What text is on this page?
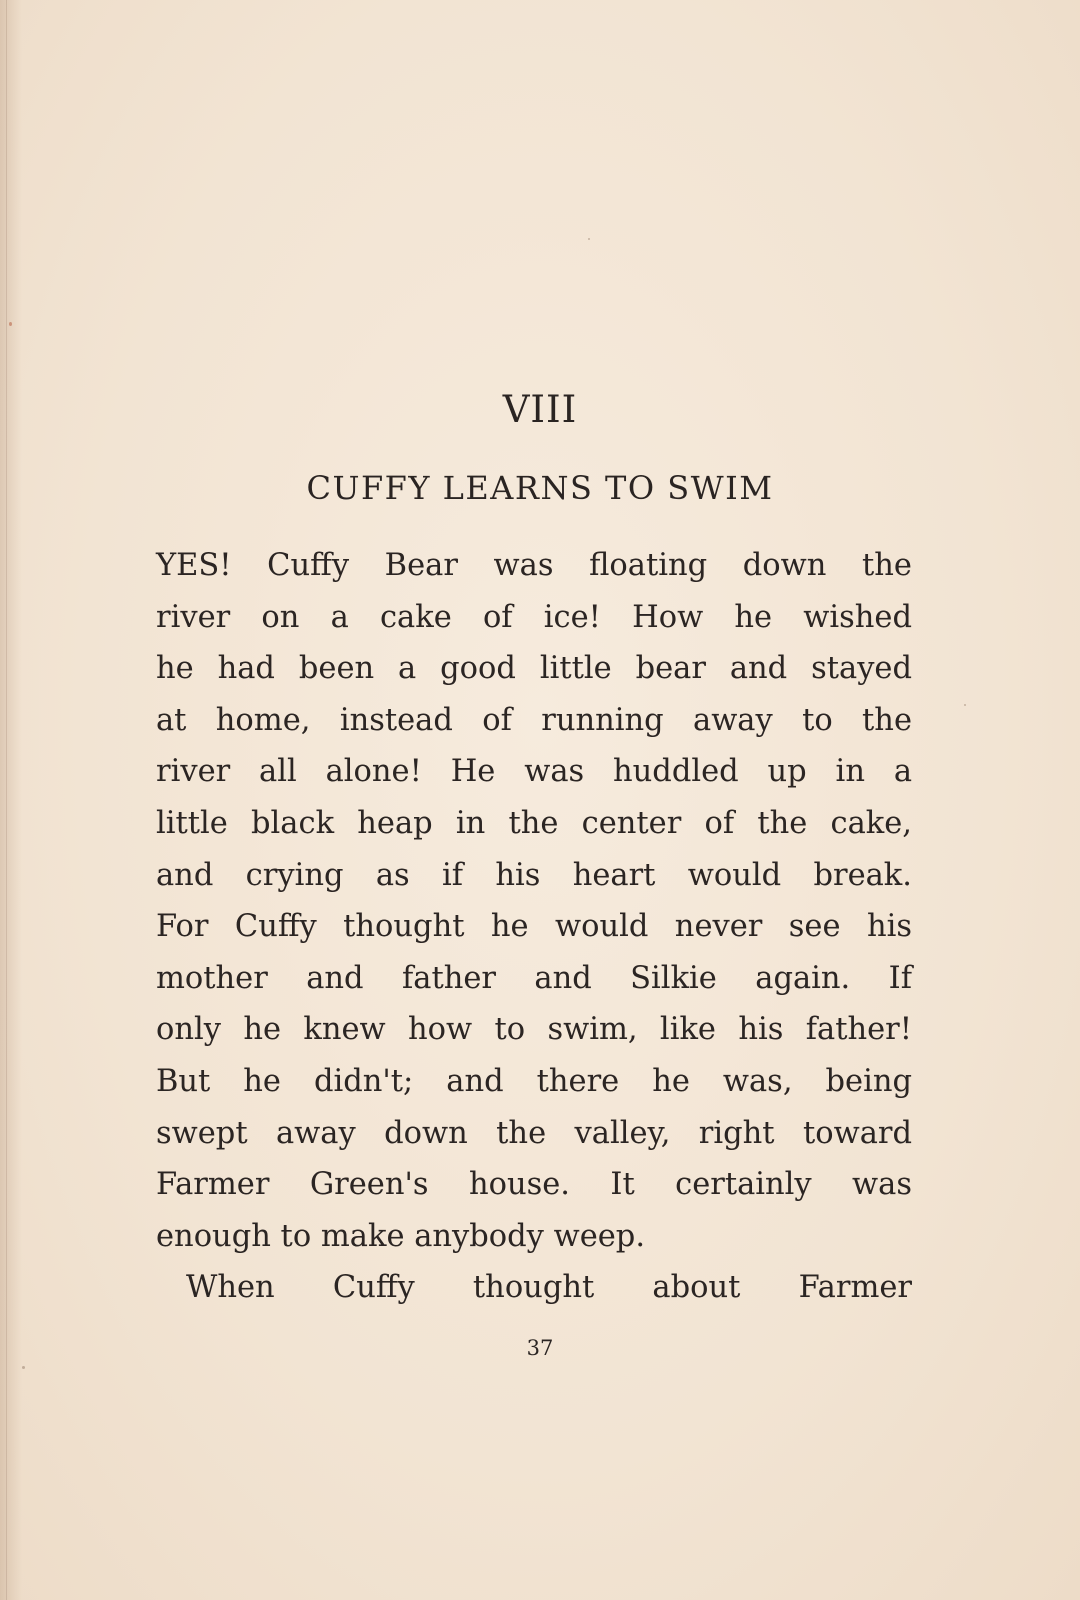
VIII
CUFFY LEARNS TO SWIM
YES! Cuffy Bear was floating down the
river on a cake of ice! How he wished
he had been a good little bear and stayed
at home, instead of running away to the
river all alone! He was huddled up in a
little black heap in the center of the cake,
and crying as if his heart would break.
For Cuffy thought he would never see his
mother and father and Silkie again. If
only he knew how to swim, like his father!
But he didn't; and there he was, being
swept away down the valley, right toward
Farmer Green's house. It certainly was
enough to make anybody weep.
When Cuffy thought about Farmer

37
